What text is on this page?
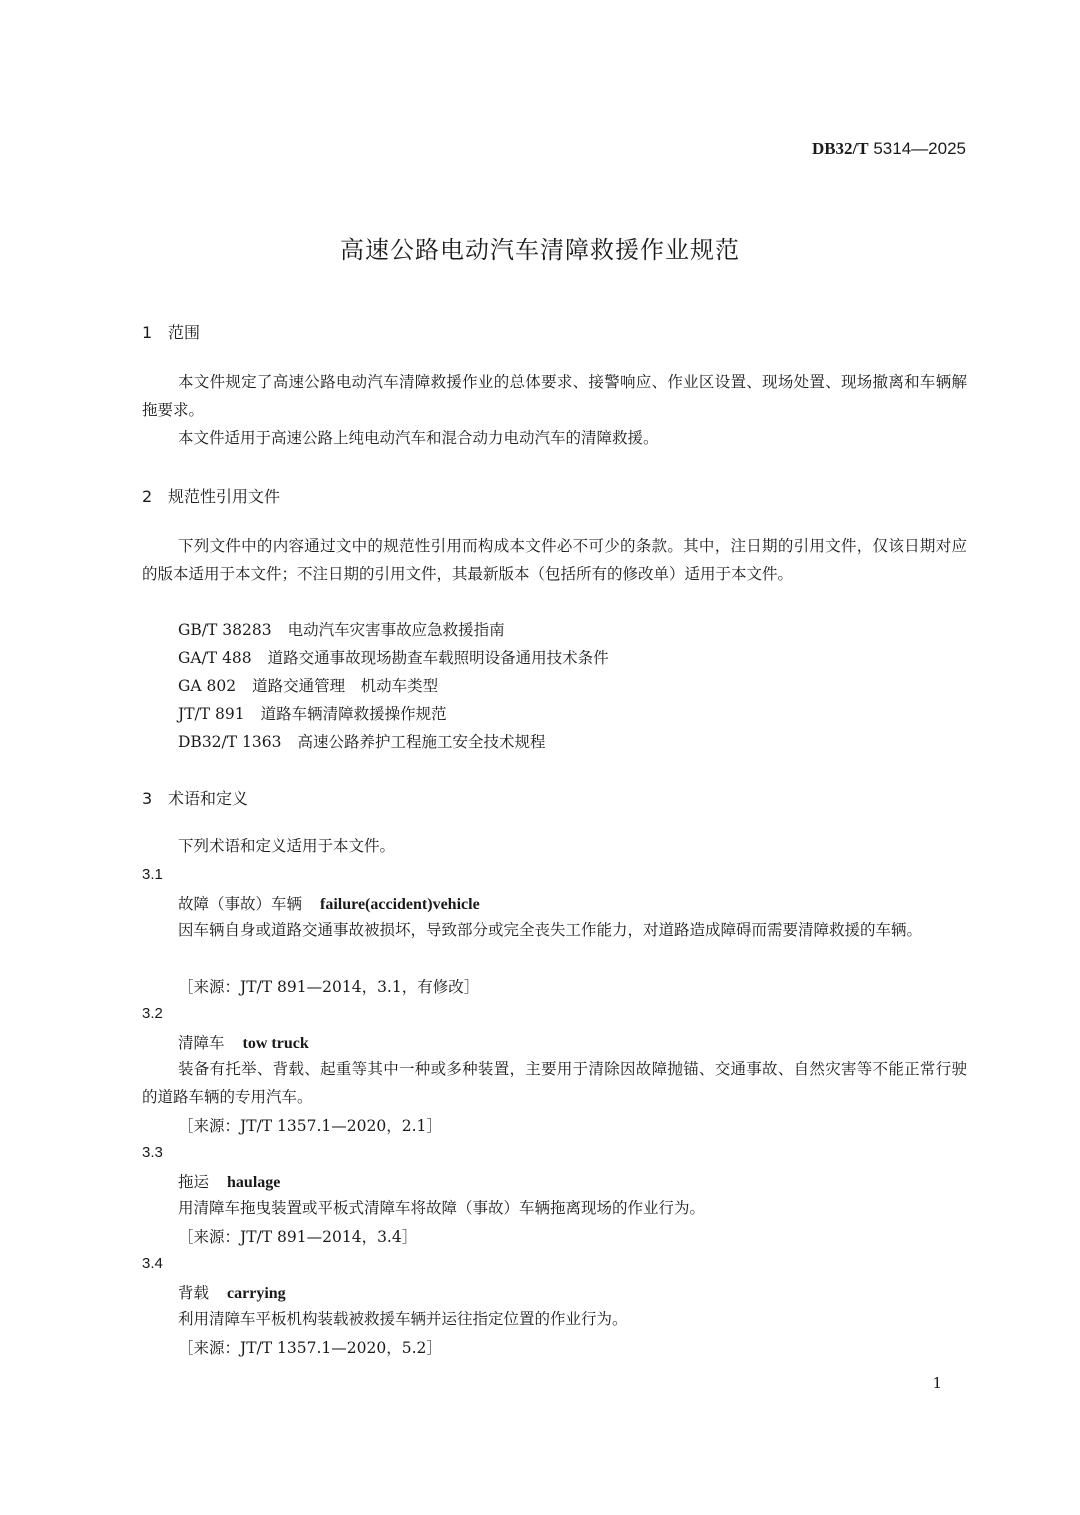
DB32/T 5314—2025
高速公路电动汽车清障救援作业规范
1 范围
本文件规定了高速公路电动汽车清障救援作业的总体要求、接警响应、作业区设置、现场处置、现场撤离和车辆解拖要求。
本文件适用于高速公路上纯电动汽车和混合动力电动汽车的清障救援。
2 规范性引用文件
下列文件中的内容通过文中的规范性引用而构成本文件必不可少的条款。其中，注日期的引用文件，仅该日期对应的版本适用于本文件；不注日期的引用文件，其最新版本（包括所有的修改单）适用于本文件。
GB/T 38283 电动汽车灾害事故应急救援指南
GA/T 488 道路交通事故现场勘查车载照明设备通用技术条件
GA 802 道路交通管理　机动车类型
JT/T 891 道路车辆清障救援操作规范
DB32/T 1363 高速公路养护工程施工安全技术规程
3 术语和定义
下列术语和定义适用于本文件。
3.1
故障（事故）车辆 failure(accident)vehicle
因车辆自身或道路交通事故被损坏，导致部分或完全丧失工作能力，对道路造成障碍而需要清障救援的车辆。
［来源：JT/T 891—2014，3.1，有修改］
3.2
清障车 tow truck
装备有托举、背载、起重等其中一种或多种装置，主要用于清除因故障抛锚、交通事故、自然灾害等不能正常行驶的道路车辆的专用汽车。
［来源：JT/T 1357.1—2020，2.1］
3.3
拖运 haulage
用清障车拖曳装置或平板式清障车将故障（事故）车辆拖离现场的作业行为。
［来源：JT/T 891—2014，3.4］
3.4
背载 carrying
利用清障车平板机构装载被救援车辆并运往指定位置的作业行为。
［来源：JT/T 1357.1—2020，5.2］
1
